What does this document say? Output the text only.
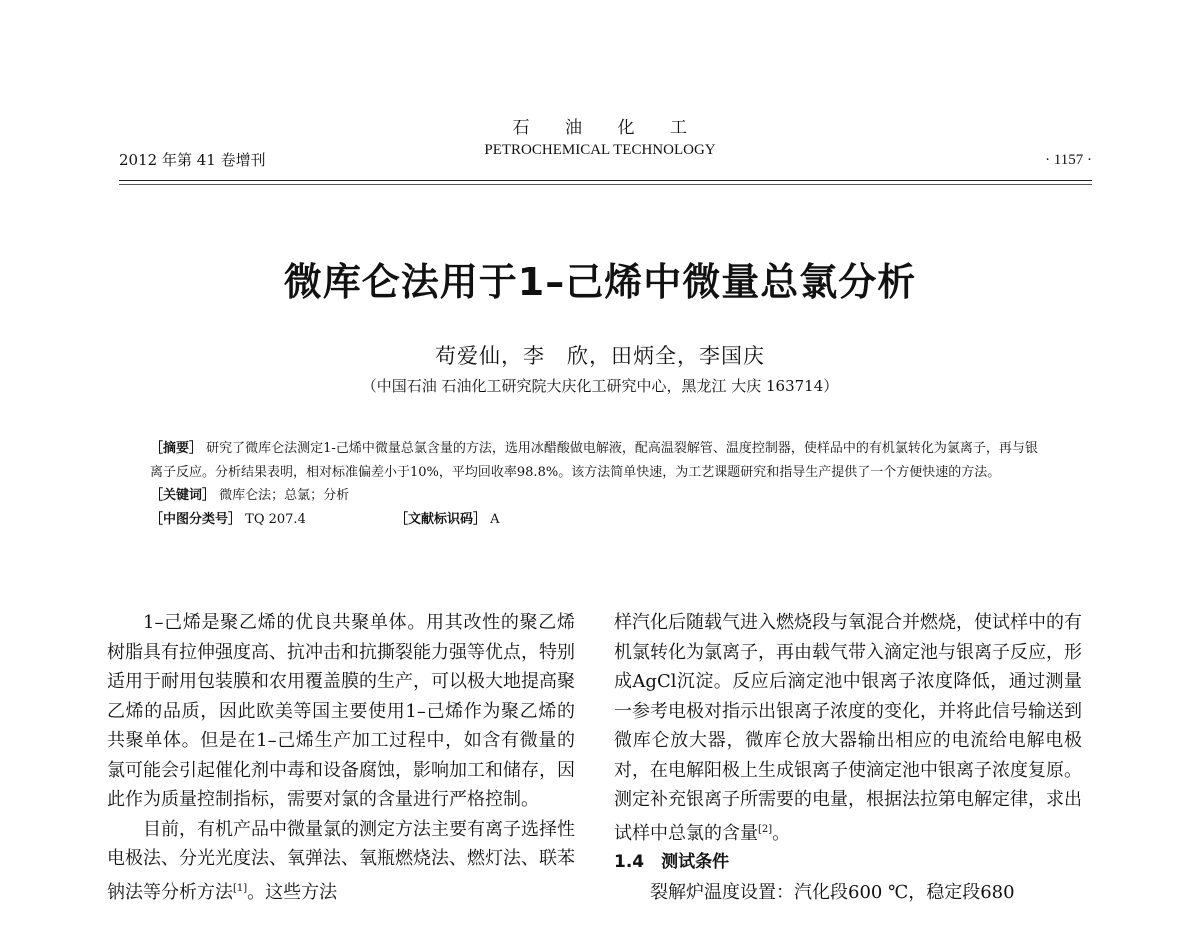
石　　油　　化　　工
PETROCHEMICAL TECHNOLOGY
2012 年第 41 卷增刊	· 1157 ·
微库仑法用于1–己烯中微量总氯分析
苟爱仙，李　欣，田炳全，李国庆
（中国石油 石油化工研究院大庆化工研究中心，黑龙江 大庆 163714）
［摘要］ 研究了微库仑法测定1-己烯中微量总氯含量的方法，选用冰醋酸做电解液，配高温裂解管、温度控制器，使样品中的有机氯转化为氯离子，再与银离子反应。分析结果表明，相对标准偏差小于10%，平均回收率98.8%。该方法简单快速，为工艺课题研究和指导生产提供了一个方便快速的方法。
［关键词］ 微库仑法；总氯；分析
［中图分类号］ TQ 207.4	［文献标识码］ A

1–己烯是聚乙烯的优良共聚单体。用其改性的聚乙烯树脂具有拉伸强度高、抗冲击和抗撕裂能力强等优点，特别适用于耐用包装膜和农用覆盖膜的生产，可以极大地提高聚乙烯的品质，因此欧美等国主要使用1–己烯作为聚乙烯的共聚单体。但是在1–己烯生产加工过程中，如含有微量的氯可能会引起催化剂中毒和设备腐蚀，影响加工和储存，因此作为质量控制指标，需要对氯的含量进行严格控制。

目前，有机产品中微量氯的测定方法主要有离子选择性电极法、分光光度法、氧弹法、氧瓶燃烧法、燃灯法、联苯钠法等分析方法[1]。这些方法

样汽化后随载气进入燃烧段与氧混合并燃烧，使试样中的有机氯转化为氯离子，再由载气带入滴定池与银离子反应，形成AgCl沉淀。反应后滴定池中银离子浓度降低，通过测量一参考电极对指示出银离子浓度的变化，并将此信号输送到微库仑放大器，微库仑放大器输出相应的电流给电解电极对，在电解阳极上生成银离子使滴定池中银离子浓度复原。测定补充银离子所需要的电量，根据法拉第电解定律，求出试样中总氯的含量[2]。

1.4　测试条件

裂解炉温度设置：汽化段600 ℃，稳定段680
